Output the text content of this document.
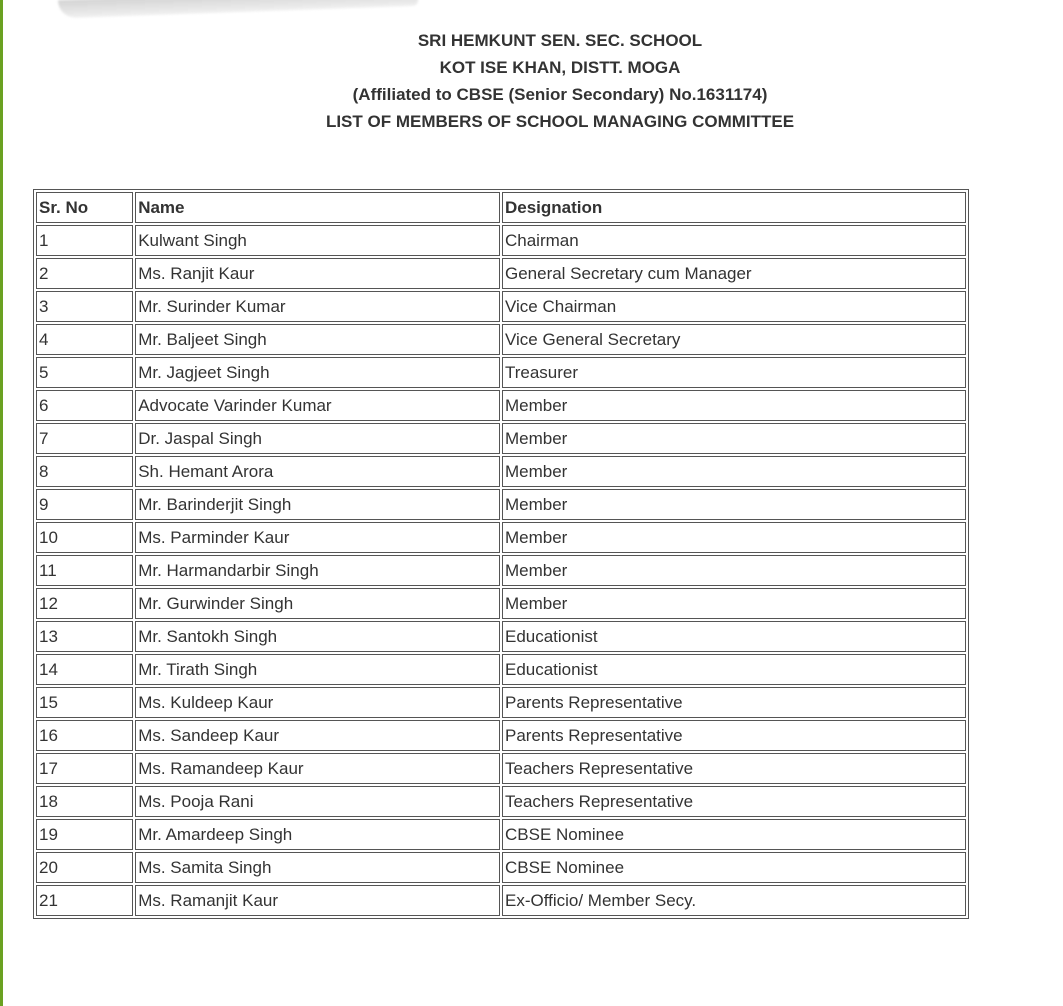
SRI HEMKUNT SEN. SEC. SCHOOL
KOT ISE KHAN, DISTT. MOGA
(Affiliated to CBSE (Senior Secondary) No.1631174)
LIST OF MEMBERS OF SCHOOL MANAGING COMMITTEE
Sr. No	Name	Designation
1	Kulwant Singh	Chairman
2	Ms. Ranjit Kaur	General Secretary cum Manager
3	Mr. Surinder Kumar	Vice Chairman
4	Mr. Baljeet Singh	Vice General Secretary
5	Mr. Jagjeet Singh	Treasurer
6	Advocate Varinder Kumar	Member
7	Dr. Jaspal Singh	Member
8	Sh. Hemant Arora	Member
9	Mr. Barinderjit Singh	Member
10	Ms. Parminder Kaur	Member
11	Mr. Harmandarbir Singh	Member
12	Mr. Gurwinder Singh	Member
13	Mr. Santokh Singh	Educationist
14	Mr. Tirath Singh	Educationist
15	Ms. Kuldeep Kaur	Parents Representative
16	Ms. Sandeep Kaur	Parents Representative
17	Ms. Ramandeep Kaur	Teachers Representative
18	Ms. Pooja Rani	Teachers Representative
19	Mr. Amardeep Singh	CBSE Nominee
20	Ms. Samita Singh	CBSE Nominee
21	Ms. Ramanjit Kaur	Ex-Officio/ Member Secy.
